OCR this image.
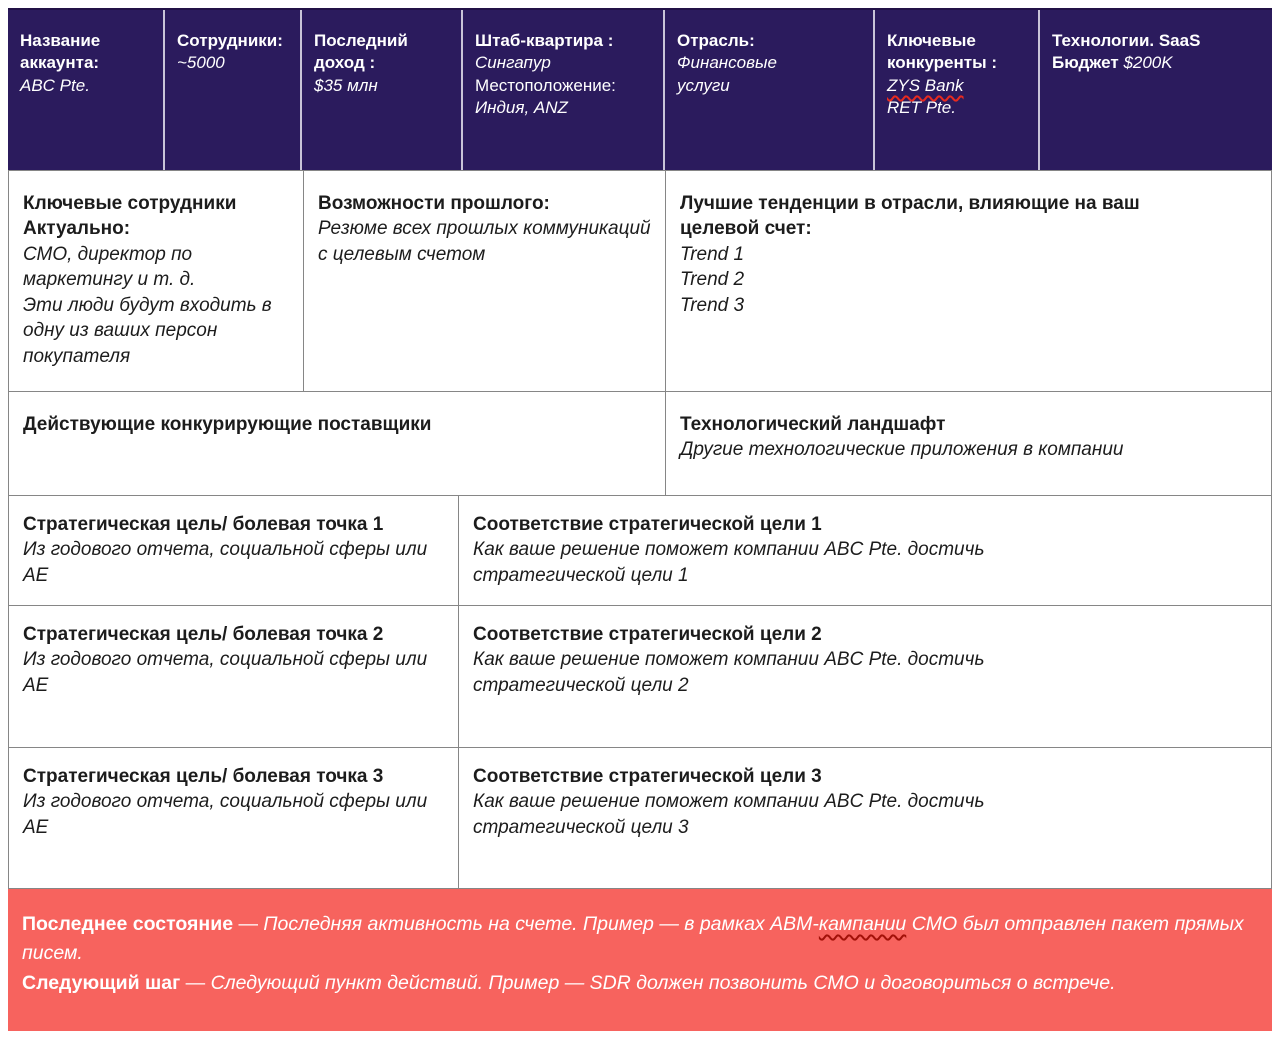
Название аккаунта:
ABC Pte.
Сотрудники:
~5000
Последний доход :
$35 млн
Штаб-квартира : Сингапур
Местоположение: Индия, ANZ
Отрасль:
Финансовые услуги
Ключевые конкуренты :
ZYS Bank
RET Pte.
Технологии. SaaS Бюджет $200K
Ключевые сотрудники Актуально:
СМО, директор по маркетингу и т. д.
Эти люди будут входить в одну из ваших персон покупателя
Возможности прошлого:
Резюме всех прошлых коммуникаций с целевым счетом
Лучшие тенденции в отрасли, влияющие на ваш целевой счет:
Trend 1
Trend 2
Trend 3
Действующие конкурирующие поставщики	Технологический ландшафт
Другие технологические приложения в компании
Стратегическая цель/ болевая точка 1
Из годового отчета, социальной сферы или AE
Соответствие стратегической цели 1
Как ваше решение поможет компании ABC Pte. достичь стратегической цели 1
Стратегическая цель/ болевая точка 2
Из годового отчета, социальной сферы или AE
Соответствие стратегической цели 2
Как ваше решение поможет компании ABC Pte. достичь стратегической цели 2
Стратегическая цель/ болевая точка 3
Из годового отчета, социальной сферы или AE
Соответствие стратегической цели 3
Как ваше решение поможет компании ABC Pte. достичь стратегической цели 3
Последнее состояние — Последняя активность на счете. Пример — в рамках ABM-кампании CMO был отправлен пакет прямых писем.
Следующий шаг — Следующий пункт действий. Пример — SDR должен позвонить CMO и договориться о встрече.
